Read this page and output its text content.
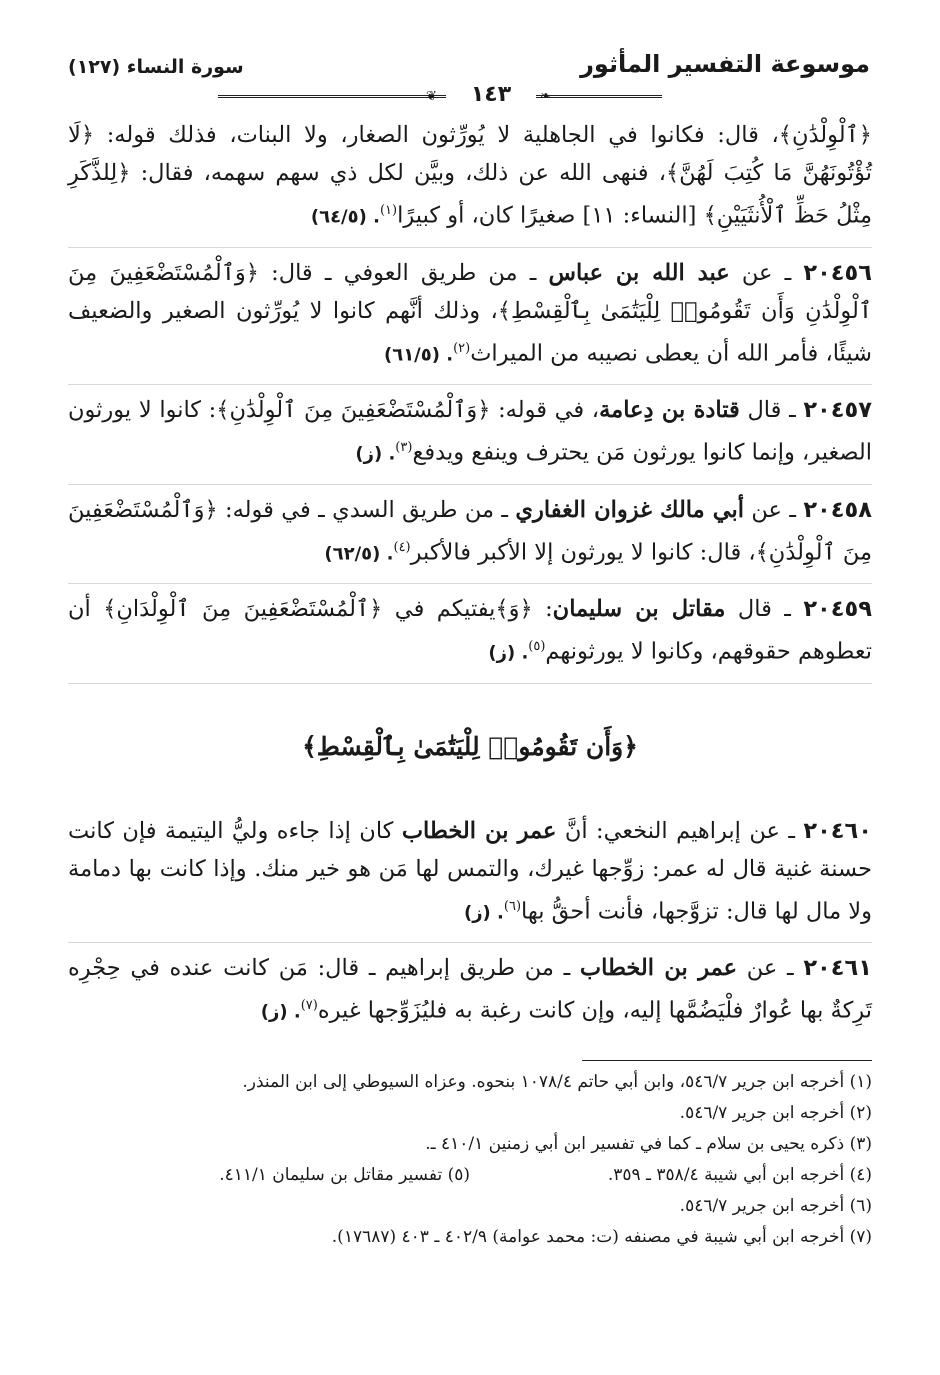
موسوعة التفسير المأثور
سورة النساء (١٢٧)
❦	١٤٣	❧
﴿ٱلْوِلْدَٰنِ﴾، قال: فكانوا في الجاهلية لا يُورِّثون الصغار، ولا البنات، فذلك قوله: ﴿لَا تُؤْتُونَهُنَّ مَا كُتِبَ لَهُنَّ﴾، فنهى الله عن ذلك، وبيَّن لكل ذي سهم سهمه، فقال: ﴿لِلذَّكَرِ مِثْلُ حَظِّ ٱلْأُنثَيَيْنِ﴾ [النساء: ١١] صغيرًا كان، أو كبيرًا$^{(١)}$. (٦٤/٥)
٢٠٤٥٦ ـ عن عبد الله بن عباس ـ من طريق العوفي ـ قال: ﴿وَٱلْمُسْتَضْعَفِينَ مِنَ ٱلْوِلْدَٰنِ وَأَن تَقُومُوا۟ لِلْيَتَٰمَىٰ بِٱلْقِسْطِ﴾، وذلك أنَّهم كانوا لا يُورِّثون الصغير والضعيف شيئًا، فأمر الله أن يعطى نصيبه من الميراث$^{(٢)}$. (٦١/٥)
٢٠٤٥٧ ـ قال قتادة بن دِعامة، في قوله: ﴿وَٱلْمُسْتَضْعَفِينَ مِنَ ٱلْوِلْدَٰنِ﴾: كانوا لا يورثون الصغير، وإنما كانوا يورثون مَن يحترف وينفع ويدفع$^{(٣)}$. (ز)
٢٠٤٥٨ ـ عن أبي مالك غزوان الغفاري ـ من طريق السدي ـ في قوله: ﴿وَٱلْمُسْتَضْعَفِينَ مِنَ ٱلْوِلْدَٰنِ﴾، قال: كانوا لا يورثون إلا الأكبر فالأكبر$^{(٤)}$. (٦٢/٥)
٢٠٤٥٩ ـ قال مقاتل بن سليمان: ﴿وَ﴾يفتيكم في ﴿ٱلْمُسْتَضْعَفِينَ مِنَ ٱلْوِلْدَانِ﴾ أن تعطوهم حقوقهم، وكانوا لا يورثونهم$^{(٥)}$. (ز)
﴿وَأَن تَقُومُوا۟ لِلْيَتَٰمَىٰ بِٱلْقِسْطِ﴾
٢٠٤٦٠ ـ عن إبراهيم النخعي: أنَّ عمر بن الخطاب كان إذا جاءه وليُّ اليتيمة فإن كانت حسنة غنية قال له عمر: زوِّجها غيرك، والتمس لها مَن هو خير منك. وإذا كانت بها دمامة ولا مال لها قال: تزوَّجها، فأنت أحقُّ بها$^{(٦)}$. (ز)
٢٠٤٦١ ـ عن عمر بن الخطاب ـ من طريق إبراهيم ـ قال: مَن كانت عنده في حِجْرِه تَرِكةٌ بها عُوارٌ فلْيَضُمَّها إليه، وإن كانت رغبة به فليُزَوِّجها غيره$^{(٧)}$. (ز)
(١) أخرجه ابن جرير ٥٤٦/٧، وابن أبي حاتم ١٠٧٨/٤ بنحوه. وعزاه السيوطي إلى ابن المنذر.
(٢) أخرجه ابن جرير ٥٤٦/٧.
(٣) ذكره يحيى بن سلام ـ كما في تفسير ابن أبي زمنين ٤١٠/١ ـ.
(٤) أخرجه ابن أبي شيبة ٣٥٨/٤ ـ ٣٥٩.
(٥) تفسير مقاتل بن سليمان ٤١١/١.
(٦) أخرجه ابن جرير ٥٤٦/٧.
(٧) أخرجه ابن أبي شيبة في مصنفه (ت: محمد عوامة) ٤٠٢/٩ ـ ٤٠٣ (١٧٦٨٧).
